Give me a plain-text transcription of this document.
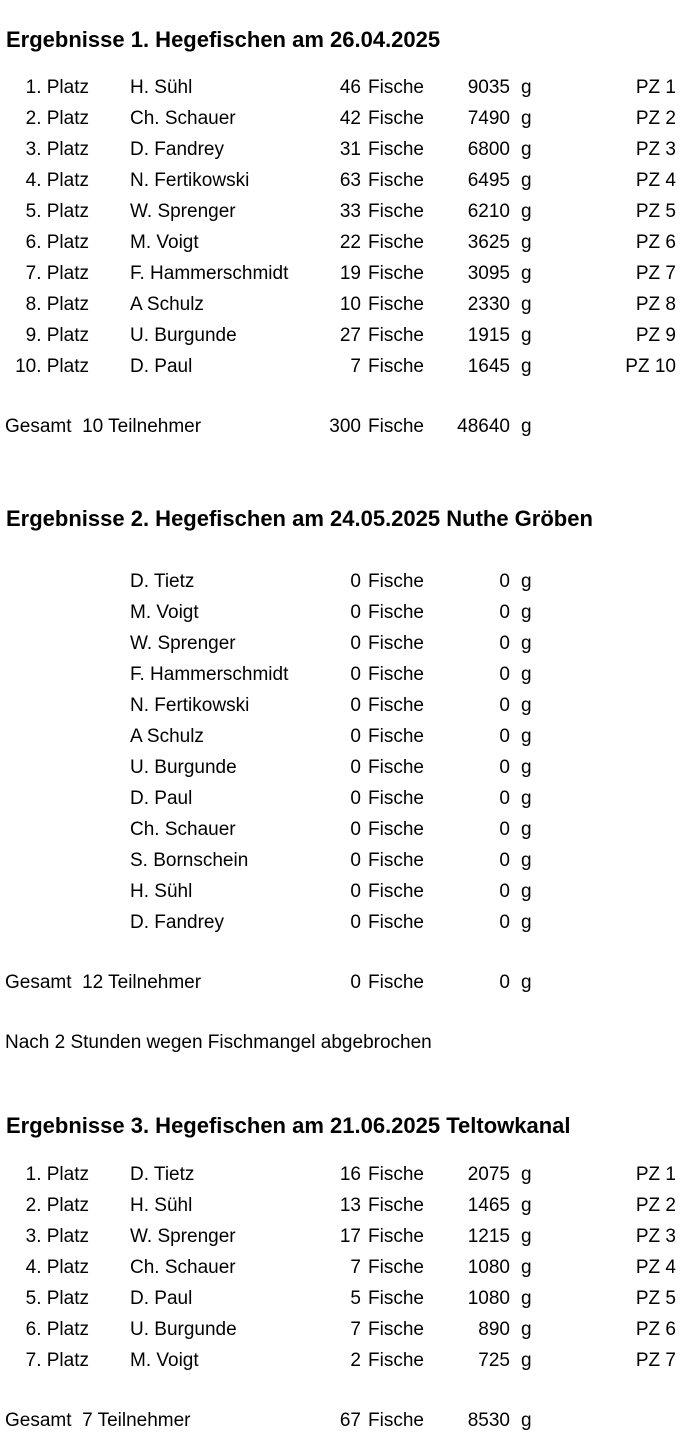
Ergebnisse 1. Hegefischen am 26.04.2025
1. Platz H. Sühl	46 Fische 9035 g	PZ 1
2. Platz Ch. Schauer	42 Fische 7490 g	PZ 2
3. Platz D. Fandrey	31 Fische 6800 g	PZ 3
4. Platz N. Fertikowski	63 Fische 6495 g	PZ 4
5. Platz W. Sprenger	33 Fische 6210 g	PZ 5
6. Platz M. Voigt	22 Fische 3625 g	PZ 6
7. Platz F. Hammerschmidt	19 Fische 3095 g	PZ 7
8. Platz A Schulz	10 Fische 2330 g	PZ 8
9. Platz U. Burgunde	27 Fische 1915 g	PZ 9
10. Platz D. Paul	7 Fische 1645 g	PZ 10
Gesamt  10 Teilnehmer	300 Fische 48640 g
Ergebnisse 2. Hegefischen am 24.05.2025 Nuthe Gröben
D. Tietz	0 Fische	0 g
M. Voigt	0 Fische	0 g
W. Sprenger	0 Fische	0 g
F. Hammerschmidt	0 Fische	0 g
N. Fertikowski	0 Fische	0 g
A Schulz	0 Fische	0 g
U. Burgunde	0 Fische	0 g
D. Paul	0 Fische	0 g
Ch. Schauer	0 Fische	0 g
S. Bornschein	0 Fische	0 g
H. Sühl	0 Fische	0 g
D. Fandrey	0 Fische	0 g
Gesamt  12 Teilnehmer	0 Fische	0 g
Nach 2 Stunden wegen Fischmangel abgebrochen
Ergebnisse 3. Hegefischen am 21.06.2025 Teltowkanal
1. Platz D. Tietz	16 Fische 2075 g	PZ 1
2. Platz H. Sühl	13 Fische 1465 g	PZ 2
3. Platz W. Sprenger	17 Fische 1215 g	PZ 3
4. Platz Ch. Schauer	7 Fische 1080 g	PZ 4
5. Platz D. Paul	5 Fische 1080 g	PZ 5
6. Platz U. Burgunde	7 Fische	890 g	PZ 6
7. Platz M. Voigt	2 Fische	725 g	PZ 7
Gesamt  7 Teilnehmer	67 Fische 8530 g
